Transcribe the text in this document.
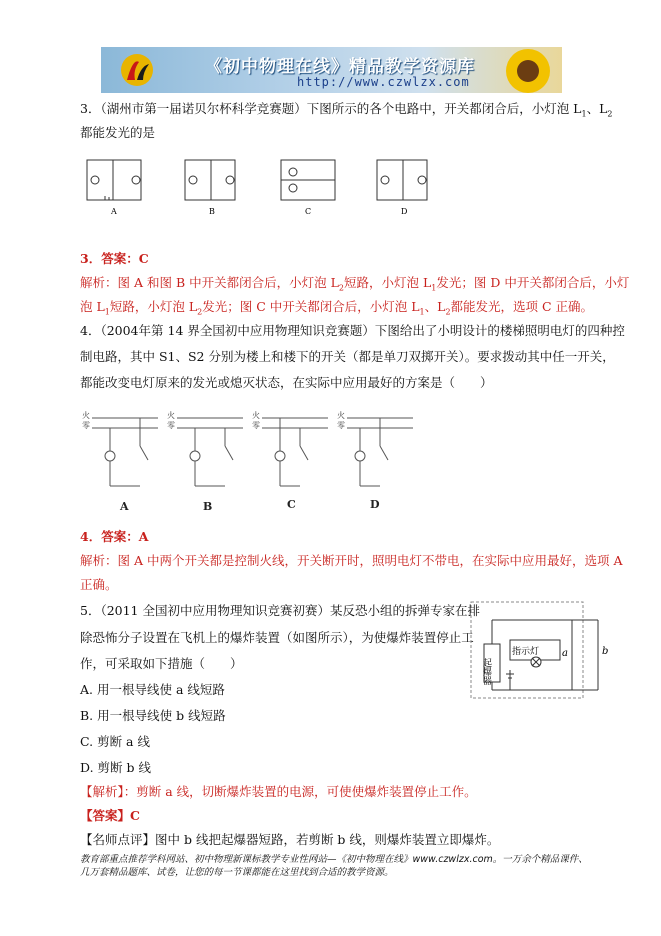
《初中物理在线》精品教学资源库
http://www.czwlzx.com
3．（湖州市第一届诺贝尔杯科学竞赛题）下图所示的各个电路中，开关都闭合后，小灯泡 $L_1$、$L_2$
都能发光的是
A	B	C	D
3．答案：C
解析：图 A 和图 B 中开关都闭合后，小灯泡 $L_2$短路，小灯泡 $L_1$发光；图 D 中开关都闭合后，小灯
泡 $L_1$短路，小灯泡 $L_2$发光；图 C 中开关都闭合后，小灯泡 $L_1$、$L_2$都能发光，选项 C 正确。
4．（2004年第 14 界全国初中应用物理知识竞赛题）下图给出了小明设计的楼梯照明电灯的四种控
制电路，其中 S1、S2 分别为楼上和楼下的开关（都是单刀双掷开关）。要求拨动其中任一开关，
都能改变电灯原来的发光或熄灭状态，在实际中应用最好的方案是（　　）
火
零
火
零
火
零
火
零
A	B	C	D
4．答案：A
解析：图 A 中两个开关都是控制火线，开关断开时，照明电灯不带电，在实际中应用最好，选项 A
正确。
5．（2011 全国初中应用物理知识竞赛初赛）某反恐小组的拆弹专家在排
除恐怖分子设置在飞机上的爆炸装置（如图所示），为使爆炸装置停止工
作，可采取如下措施（　　）	起爆器
指示灯 a	b
A. 用一根导线使 a 线短路
B. 用一根导线使 b 线短路
C. 剪断 a 线
D. 剪断 b 线
【解析】：剪断 a 线，切断爆炸装置的电源，可使使爆炸装置停止工作。
【答案】C
【名师点评】图中 b 线把起爆器短路，若剪断 b 线，则爆炸装置立即爆炸。
教育部重点推荐学科网站、初中物理新课标教学专业性网站—《初中物理在线》www.czwlzx.com。一万余个精品课件、
几万套精品题库、试卷，让您的每一节课都能在这里找到合适的教学资源。
